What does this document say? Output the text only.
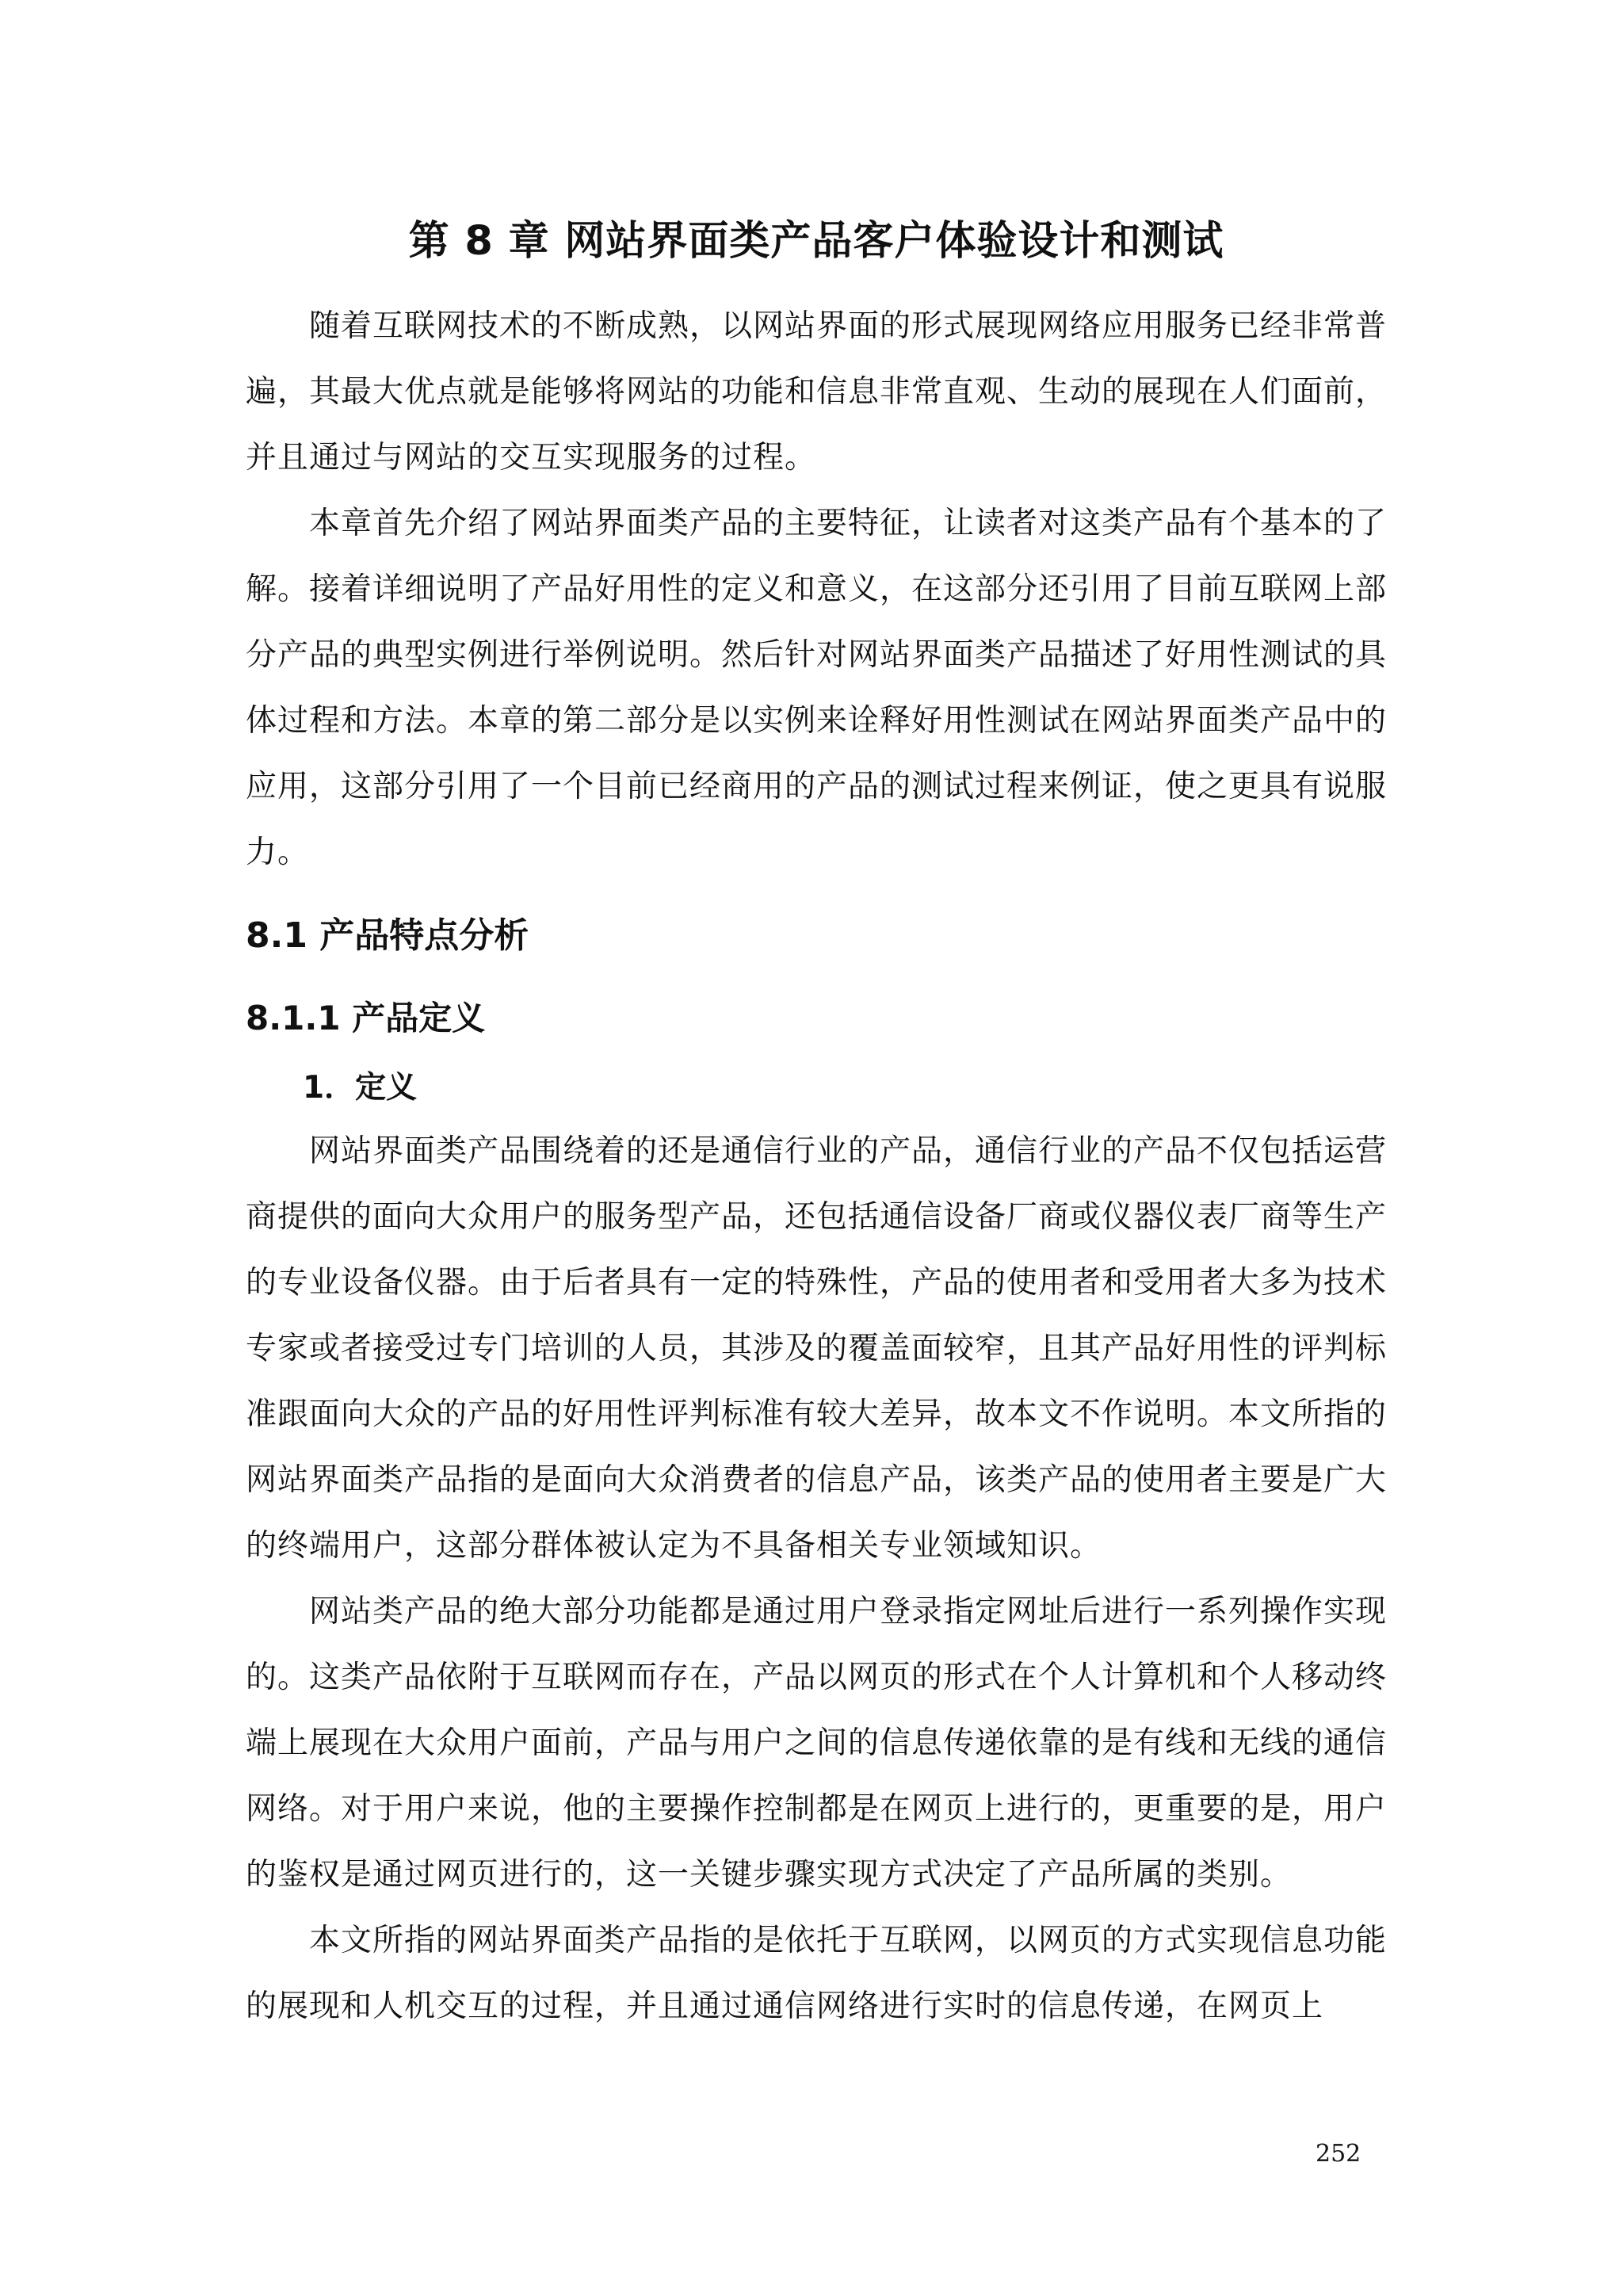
第 8 章 网站界面类产品客户体验设计和测试

随着互联网技术的不断成熟，以网站界面的形式展现网络应用服务已经非常普遍，其最大优点就是能够将网站的功能和信息非常直观、生动的展现在人们面前，并且通过与网站的交互实现服务的过程。

本章首先介绍了网站界面类产品的主要特征，让读者对这类产品有个基本的了解。接着详细说明了产品好用性的定义和意义，在这部分还引用了目前互联网上部分产品的典型实例进行举例说明。然后针对网站界面类产品描述了好用性测试的具体过程和方法。本章的第二部分是以实例来诠释好用性测试在网站界面类产品中的应用，这部分引用了一个目前已经商用的产品的测试过程来例证，使之更具有说服力。

8.1 产品特点分析
8.1.1 产品定义
1．定义

网站界面类产品围绕着的还是通信行业的产品，通信行业的产品不仅包括运营商提供的面向大众用户的服务型产品，还包括通信设备厂商或仪器仪表厂商等生产的专业设备仪器。由于后者具有一定的特殊性，产品的使用者和受用者大多为技术专家或者接受过专门培训的人员，其涉及的覆盖面较窄，且其产品好用性的评判标准跟面向大众的产品的好用性评判标准有较大差异，故本文不作说明。本文所指的网站界面类产品指的是面向大众消费者的信息产品，该类产品的使用者主要是广大的终端用户，这部分群体被认定为不具备相关专业领域知识。

网站类产品的绝大部分功能都是通过用户登录指定网址后进行一系列操作实现的。这类产品依附于互联网而存在，产品以网页的形式在个人计算机和个人移动终端上展现在大众用户面前，产品与用户之间的信息传递依靠的是有线和无线的通信网络。对于用户来说，他的主要操作控制都是在网页上进行的，更重要的是，用户的鉴权是通过网页进行的，这一关键步骤实现方式决定了产品所属的类别。

本文所指的网站界面类产品指的是依托于互联网，以网页的方式实现信息功能的展现和人机交互的过程，并且通过通信网络进行实时的信息传递，在网页上

252
